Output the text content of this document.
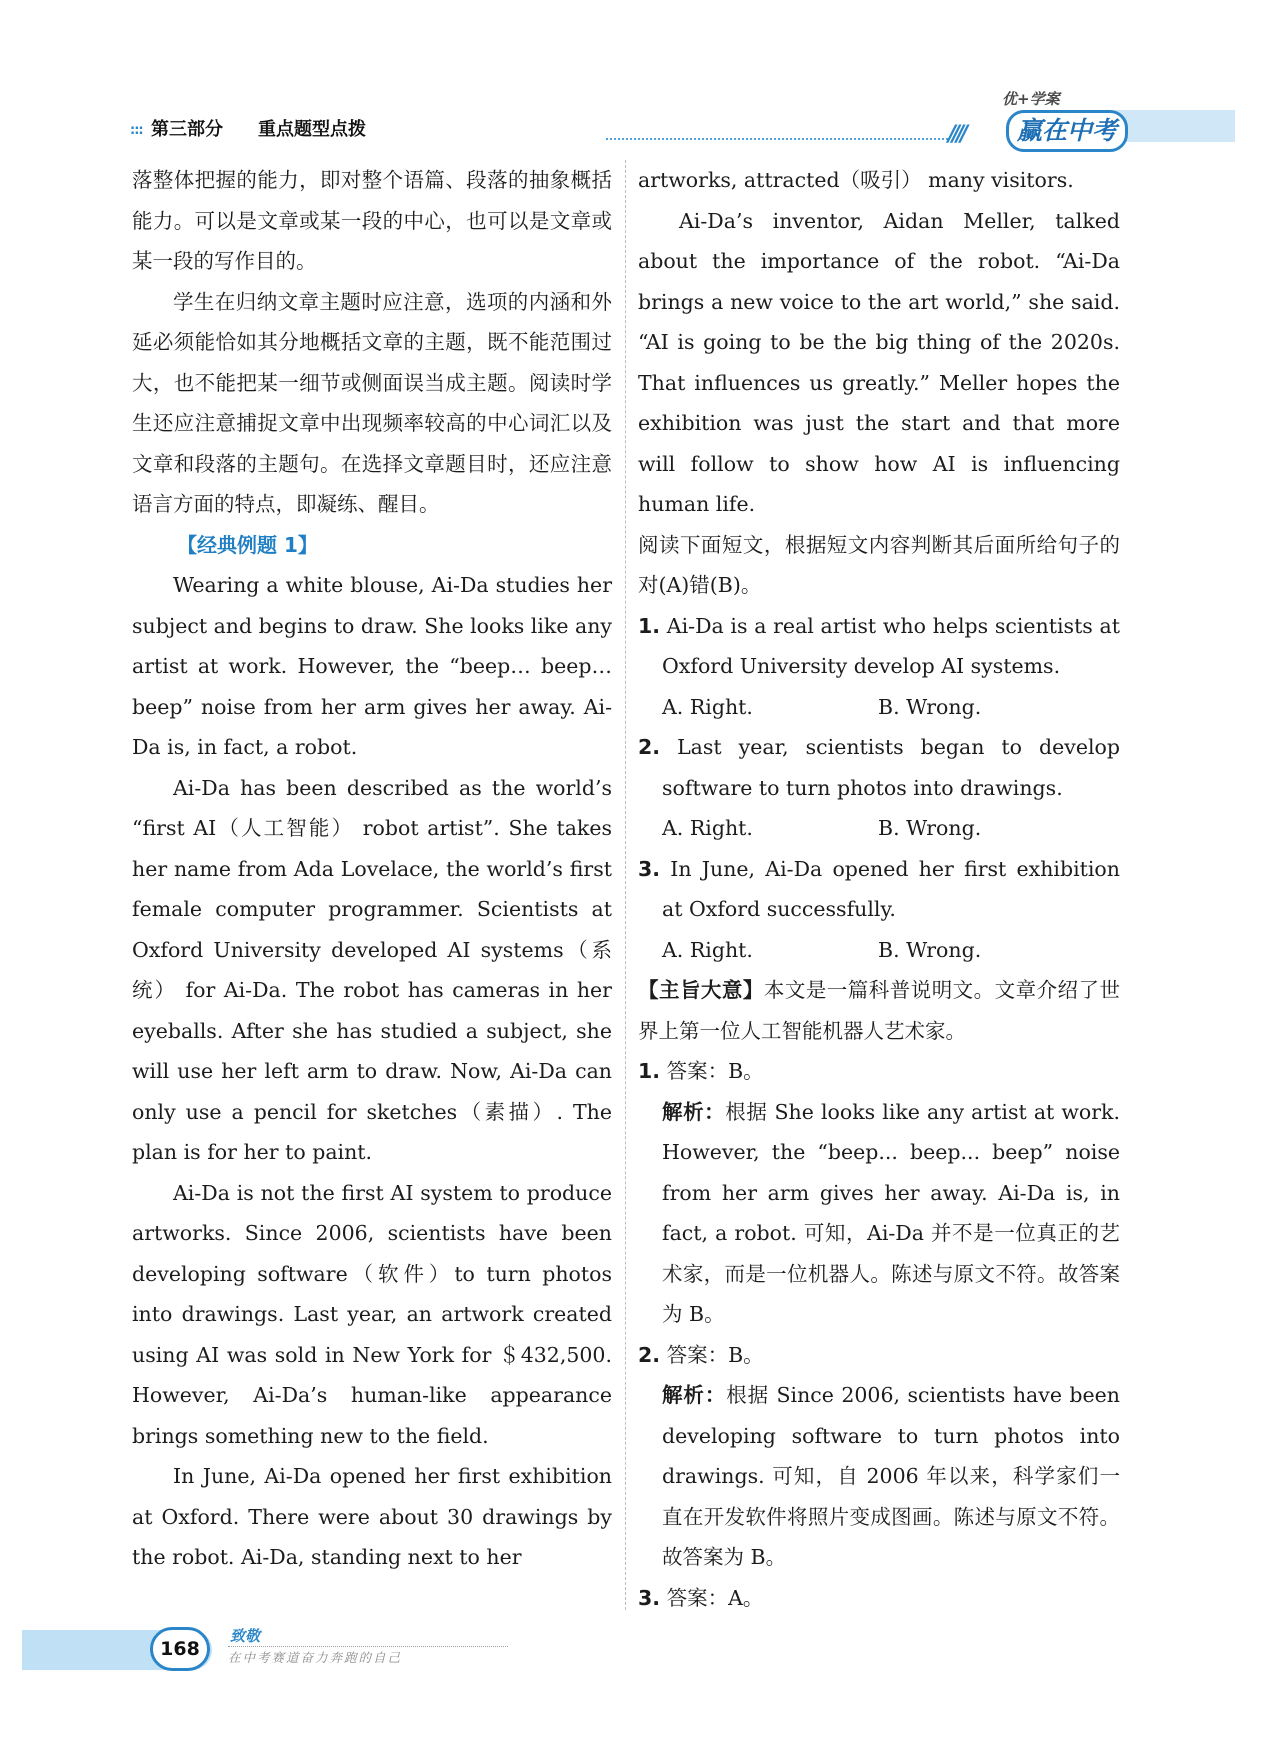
::: 第三部分 重点题型点拨	////
优+学案
赢在中考

落整体把握的能力，即对整个语篇、段落的抽象概括能力。可以是文章或某一段的中心，也可以是文章或某一段的写作目的。

学生在归纳文章主题时应注意，选项的内涵和外延必须能恰如其分地概括文章的主题，既不能范围过大，也不能把某一细节或侧面误当成主题。阅读时学生还应注意捕捉文章中出现频率较高的中心词汇以及文章和段落的主题句。在选择文章题目时，还应注意语言方面的特点，即凝练、醒目。

【经典例题 1】

Wearing a white blouse, Ai-Da studies her subject and begins to draw. She looks like any artist at work. However, the “beep… beep… beep” noise from her arm gives her away. Ai-Da is, in fact, a robot.

Ai-Da has been described as the world’s “first AI（人工智能） robot artist”. She takes her name from Ada Lovelace, the world’s first female computer programmer. Scientists at Oxford University developed AI systems（系统） for Ai-Da. The robot has cameras in her eyeballs. After she has studied a subject, she will use her left arm to draw. Now, Ai-Da can only use a pencil for sketches（素描）. The plan is for her to paint.

Ai-Da is not the first AI system to produce artworks. Since 2006, scientists have been developing software（软件）to turn photos into drawings. Last year, an artwork created using AI was sold in New York for ＄432,500. However, Ai-Da’s human-like appearance brings something new to the field.

In June, Ai-Da opened her first exhibition at Oxford. There were about 30 drawings by the robot. Ai-Da, standing next to her

artworks, attracted（吸引） many visitors.

Ai-Da’s inventor, Aidan Meller, talked about the importance of the robot. “Ai-Da brings a new voice to the art world,” she said. “AI is going to be the big thing of the 2020s. That influences us greatly.” Meller hopes the exhibition was just the start and that more will follow to show how AI is influencing human life.

阅读下面短文，根据短文内容判断其后面所给句子的对(A)错(B)。

1. Ai-Da is a real artist who helps scientists at Oxford University develop AI systems.

A. Right.	B. Wrong.

2. Last year, scientists began to develop software to turn photos into drawings.

A. Right.	B. Wrong.

3. In June, Ai-Da opened her first exhibition at Oxford successfully.

A. Right.	B. Wrong.

【主旨大意】本文是一篇科普说明文。文章介绍了世界上第一位人工智能机器人艺术家。

1. 答案：B。

解析：根据 She looks like any artist at work. However, the “beep... beep... beep” noise from her arm gives her away. Ai-Da is, in fact, a robot. 可知，Ai-Da 并不是一位真正的艺术家，而是一位机器人。陈述与原文不符。故答案为 B。

2. 答案：B。

解析：根据 Since 2006, scientists have been developing software to turn photos into drawings. 可知，自 2006 年以来，科学家们一直在开发软件将照片变成图画。陈述与原文不符。故答案为 B。

3. 答案：A。

168
致敬
在中考赛道奋力奔跑的自己
